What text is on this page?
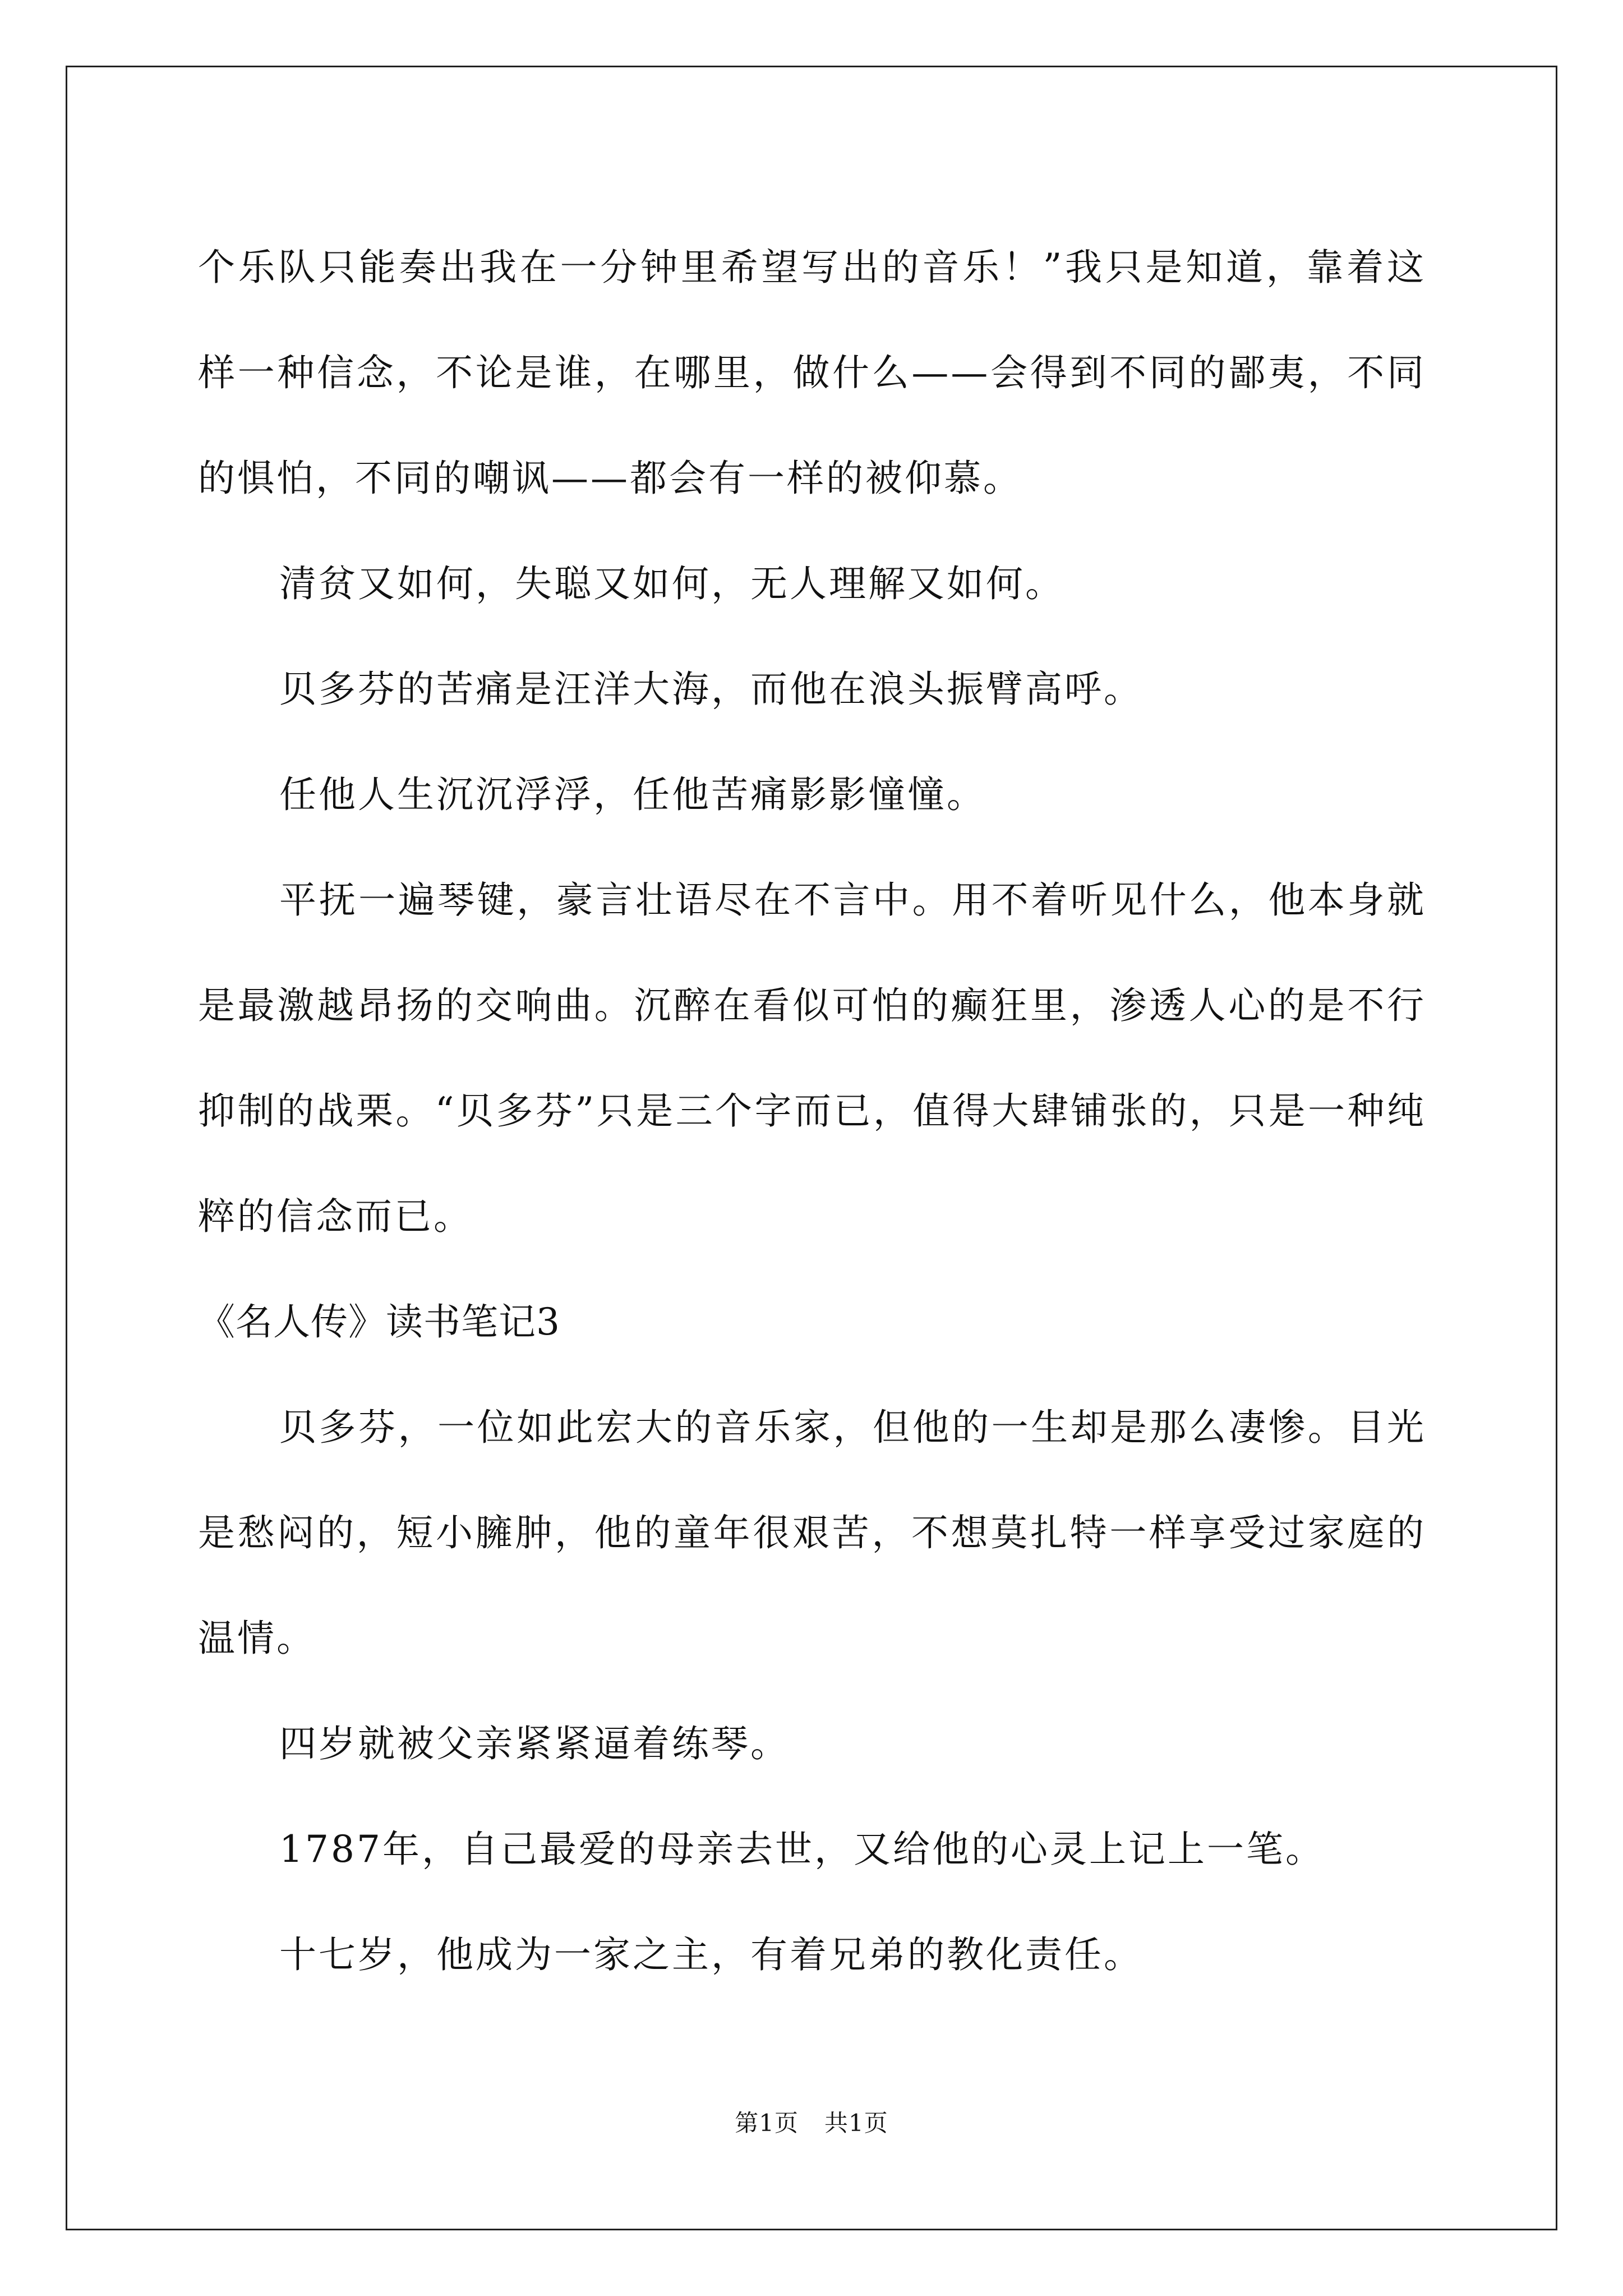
个乐队只能奏出我在一分钟里希望写出的音乐！”我只是知道，靠着这样一种信念，不论是谁，在哪里，做什么——会得到不同的鄙夷，不同的惧怕，不同的嘲讽——都会有一样的被仰慕。

清贫又如何，失聪又如何，无人理解又如何。

贝多芬的苦痛是汪洋大海，而他在浪头振臂高呼。

任他人生沉沉浮浮，任他苦痛影影憧憧。

平抚一遍琴键，豪言壮语尽在不言中。用不着听见什么，他本身就是最激越昂扬的交响曲。沉醉在看似可怕的癫狂里，渗透人心的是不行抑制的战栗。“贝多芬”只是三个字而已，值得大肆铺张的，只是一种纯粹的信念而已。

《名人传》读书笔记3

贝多芬，一位如此宏大的音乐家，但他的一生却是那么凄惨。目光是愁闷的，短小臃肿，他的童年很艰苦，不想莫扎特一样享受过家庭的温情。

四岁就被父亲紧紧逼着练琴。

1787年，自己最爱的母亲去世，又给他的心灵上记上一笔。

十七岁，他成为一家之主，有着兄弟的教化责任。

第1页 共1页
